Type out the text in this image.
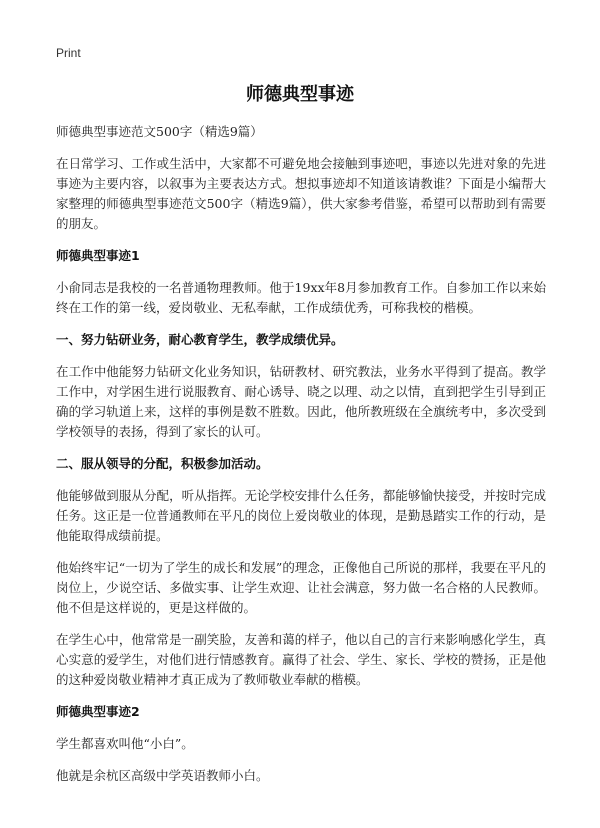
Print
师德典型事迹

师德典型事迹范文500字（精选9篇）

在日常学习、工作或生活中，大家都不可避免地会接触到事迹吧，事迹以先进对象的先进事迹为主要内容，以叙事为主要表达方式。想拟事迹却不知道该请教谁？下面是小编帮大家整理的师德典型事迹范文500字（精选9篇），供大家参考借鉴，希望可以帮助到有需要的朋友。

师德典型事迹1

小俞同志是我校的一名普通物理教师。他于19xx年8月参加教育工作。自参加工作以来始终在工作的第一线，爱岗敬业、无私奉献，工作成绩优秀，可称我校的楷模。

一、努力钻研业务，耐心教育学生，教学成绩优异。

在工作中他能努力钻研文化业务知识，钻研教材、研究教法，业务水平得到了提高。教学工作中，对学困生进行说服教育、耐心诱导、晓之以理、动之以情，直到把学生引导到正确的学习轨道上来，这样的事例是数不胜数。因此，他所教班级在全旗统考中，多次受到学校领导的表扬，得到了家长的认可。

二、服从领导的分配，积极参加活动。

他能够做到服从分配，听从指挥。无论学校安排什么任务，都能够愉快接受，并按时完成任务。这正是一位普通教师在平凡的岗位上爱岗敬业的体现，是勤恳踏实工作的行动，是他能取得成绩前提。

他始终牢记“一切为了学生的成长和发展”的理念，正像他自己所说的那样，我要在平凡的岗位上，少说空话、多做实事、让学生欢迎、让社会满意，努力做一名合格的人民教师。他不但是这样说的，更是这样做的。

在学生心中，他常常是一副笑脸，友善和蔼的样子，他以自己的言行来影响感化学生，真心实意的爱学生，对他们进行情感教育。赢得了社会、学生、家长、学校的赞扬，正是他的这种爱岗敬业精神才真正成为了教师敬业奉献的楷模。

师德典型事迹2

学生都喜欢叫他“小白”。

他就是余杭区高级中学英语教师小白。
